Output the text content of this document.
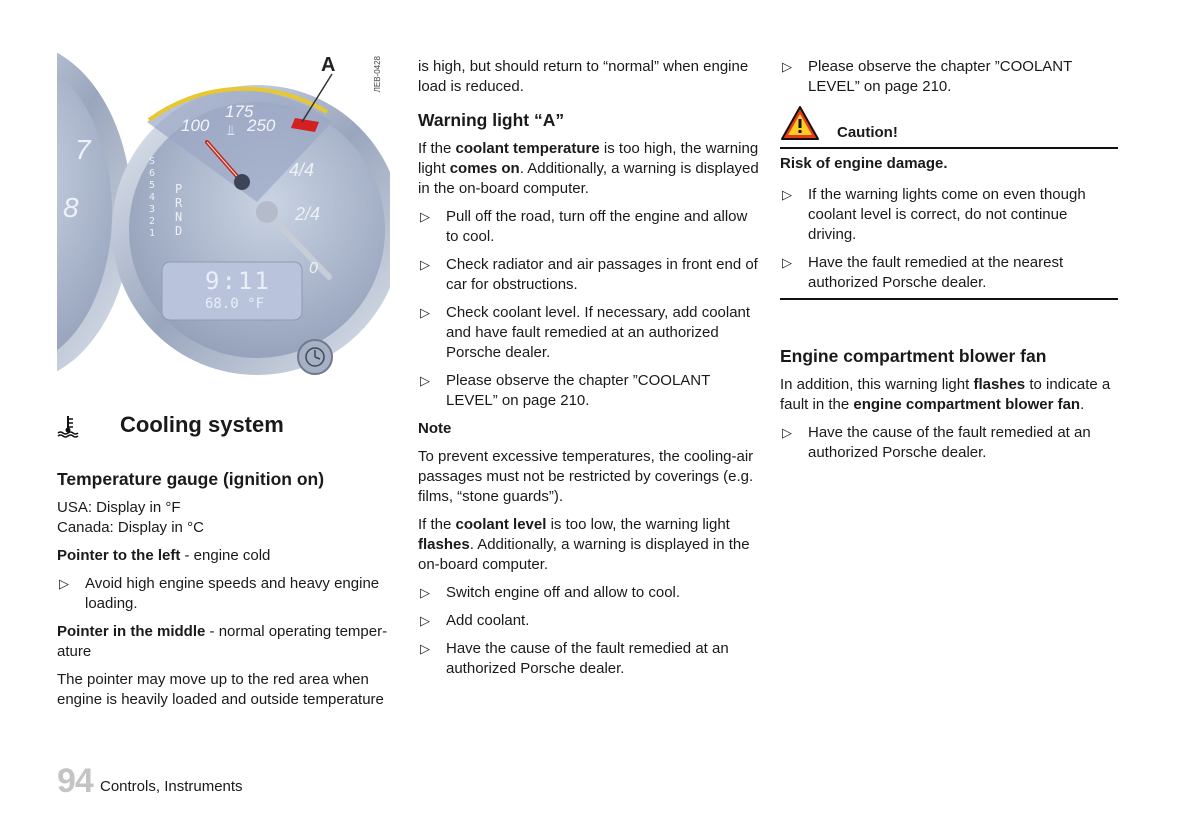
A	ЛЕВ-0428
175
100 250
⫫
4/4
2/4
0
S
6
5
4
3
2
1
P
R
N
D
9:11
68.0 °F
7
8
Cooling system
Temperature gauge (ignition on)

USA: Display in °F

Canada: Display in °C

Pointer to the left - engine cold

▷ Avoid high engine speeds and heavy engine loading.

Pointer in the middle - normal operating temper-ature

The pointer may move up to the red area when engine is heavily loaded and outside temperature

is high, but should return to “normal” when engine load is reduced.

Warning light “A”

If the coolant temperature is too high, the warning light comes on. Additionally, a warning is displayed in the on-board computer.

▷ Pull off the road, turn off the engine and allow to cool.

▷ Check radiator and air passages in front end of car for obstructions.

▷ Check coolant level. If necessary, add coolant and have fault remedied at an authorized Porsche dealer.

▷ Please observe the chapter ”COOLANT LEVEL” on page 210.

Note

To prevent excessive temperatures, the cooling-air passages must not be restricted by coverings (e.g. films, “stone guards”).

If the coolant level is too low, the warning light flashes. Additionally, a warning is displayed in the on-board computer.

▷ Switch engine off and allow to cool.

▷ Add coolant.

▷ Have the cause of the fault remedied at an authorized Porsche dealer.

▷ Please observe the chapter ”COOLANT LEVEL” on page 210.

Caution!

Risk of engine damage.

▷ If the warning lights come on even though coolant level is correct, do not continue driving.

▷ Have the fault remedied at the nearest authorized Porsche dealer.

Engine compartment blower fan

In addition, this warning light flashes to indicate a fault in the engine compartment blower fan.

▷ Have the cause of the fault remedied at an authorized Porsche dealer.

94 Controls, Instruments
